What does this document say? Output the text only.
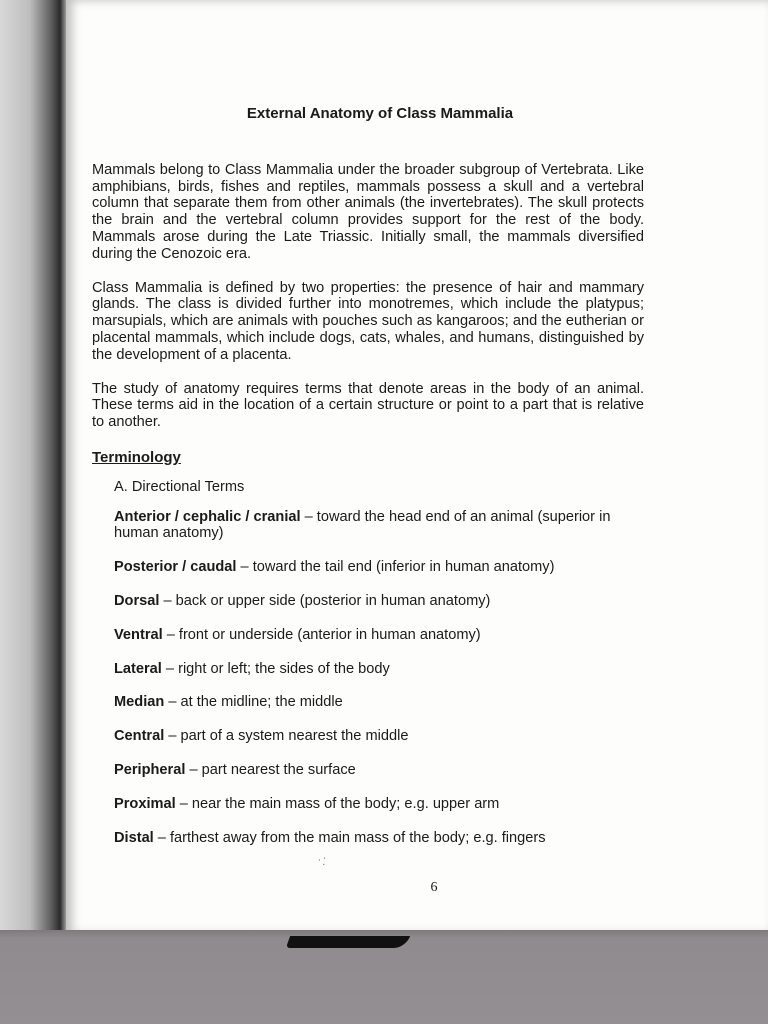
External Anatomy of Class Mammalia

Mammals belong to Class Mammalia under the broader subgroup of Vertebrata. Like amphibians, birds, fishes and reptiles, mammals possess a skull and a vertebral column that separate them from other animals (the invertebrates). The skull protects the brain and the vertebral column provides support for the rest of the body. Mammals arose during the Late Triassic. Initially small, the mammals diversified during the Cenozoic era.

Class Mammalia is defined by two properties: the presence of hair and mammary glands. The class is divided further into monotremes, which include the platypus; marsupials, which are animals with pouches such as kangaroos; and the eutherian or placental mammals, which include dogs, cats, whales, and humans, distinguished by the development of a placenta.

The study of anatomy requires terms that denote areas in the body of an animal. These terms aid in the location of a certain structure or point to a part that is relative to another.

Terminology
A. Directional Terms
Anterior / cephalic / cranial – toward the head end of an animal (superior in human anatomy)
Posterior / caudal – toward the tail end (inferior in human anatomy)
Dorsal – back or upper side (posterior in human anatomy)
Ventral – front or underside (anterior in human anatomy)
Lateral – right or left; the sides of the body
Median – at the midline; the middle
Central – part of a system nearest the middle
Peripheral – part nearest the surface
Proximal – near the main mass of the body; e.g. upper arm
Distal – farthest away from the main mass of the body; e.g. fingers
⸪
6
